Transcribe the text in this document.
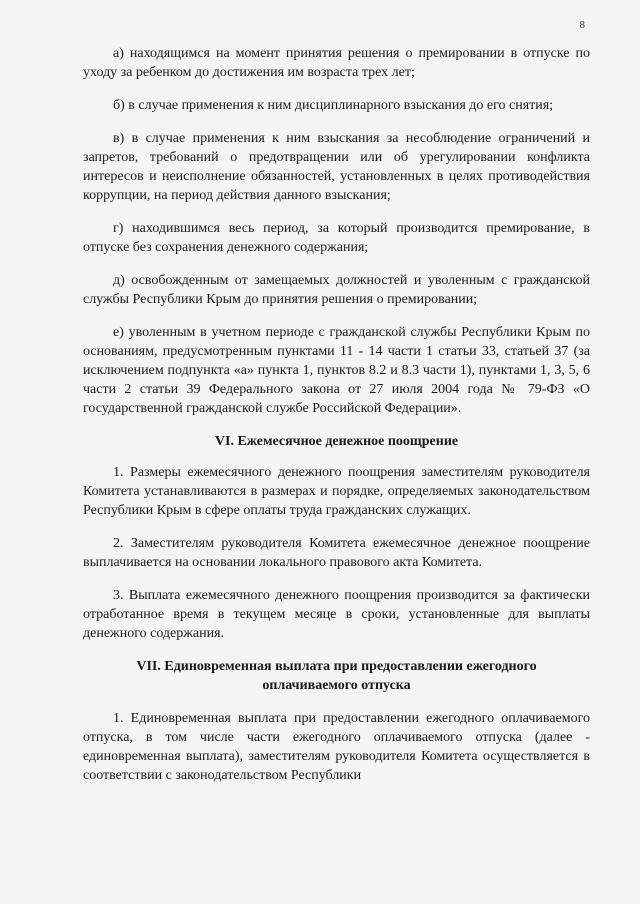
8

а) находящимся на момент принятия решения о премировании в отпуске по уходу за ребенком до достижения им возраста трех лет;

б) в случае применения к ним дисциплинарного взыскания до его снятия;

в) в случае применения к ним взыскания за несоблюдение ограничений и запретов, требований о предотвращении или об урегулировании конфликта интересов и неисполнение обязанностей, установленных в целях противодействия коррупции, на период действия данного взыскания;

г) находившимся весь период, за который производится премирование, в отпуске без сохранения денежного содержания;

д) освобожденным от замещаемых должностей и уволенным с гражданской службы Республики Крым до принятия решения о премировании;

е) уволенным в учетном периоде с гражданской службы Республики Крым по основаниям, предусмотренным пунктами 11 - 14 части 1 статьи 33, статьей 37 (за исключением подпункта «а» пункта 1, пунктов 8.2 и 8.3 части 1), пунктами 1, 3, 5, 6 части 2 статьи 39 Федерального закона от 27 июля 2004 года № 79-ФЗ «О государственной гражданской службе Российской Федерации».

VI. Ежемесячное денежное поощрение

1. Размеры ежемесячного денежного поощрения заместителям руководителя Комитета устанавливаются в размерах и порядке, определяемых законодательством Республики Крым в сфере оплаты труда гражданских служащих.

2. Заместителям руководителя Комитета ежемесячное денежное поощрение выплачивается на основании локального правового акта Комитета.

3. Выплата ежемесячного денежного поощрения производится за фактически отработанное время в текущем месяце в сроки, установленные для выплаты денежного содержания.

VII. Единовременная выплата при предоставлении ежегодного
оплачиваемого отпуска

1. Единовременная выплата при предоставлении ежегодного оплачиваемого отпуска, в том числе части ежегодного оплачиваемого отпуска (далее - единовременная выплата), заместителям руководителя Комитета осуществляется в соответствии с законодательством Республики
